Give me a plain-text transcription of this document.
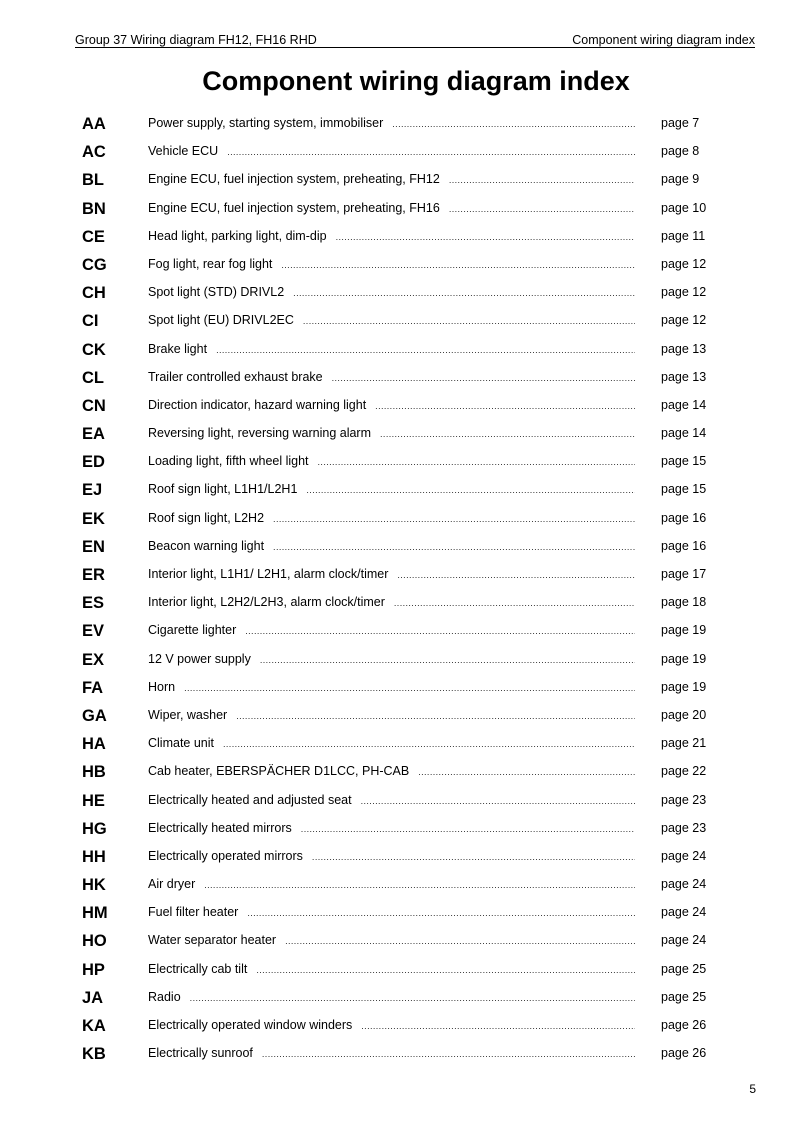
Group 37 Wiring diagram FH12, FH16 RHD	Component wiring diagram index
Component wiring diagram index
AA	Power supply, starting system, immobiliser .....	page 7
AC	Vehicle ECU .....	page 8
BL	Engine ECU, fuel injection system, preheating, FH12 .....	page 9
BN	Engine ECU, fuel injection system, preheating, FH16 .....	page 10
CE	Head light, parking light, dim-dip .....	page 11
CG	Fog light, rear fog light .....	page 12
CH	Spot light (STD) DRIVL2 .....	page 12
CI	Spot light (EU) DRIVL2EC .....	page 12
CK	Brake light .....	page 13
CL	Trailer controlled exhaust brake .....	page 13
CN	Direction indicator, hazard warning light .....	page 14
EA	Reversing light, reversing warning alarm .....	page 14
ED	Loading light, fifth wheel light .....	page 15
EJ	Roof sign light, L1H1/L2H1 .....	page 15
EK	Roof sign light, L2H2 .....	page 16
EN	Beacon warning light .....	page 16
ER	Interior light, L1H1/ L2H1, alarm clock/timer .....	page 17
ES	Interior light, L2H2/L2H3, alarm clock/timer .....	page 18
EV	Cigarette lighter .....	page 19
EX	12 V power supply .....	page 19
FA	Horn .....	page 19
GA	Wiper, washer .....	page 20
HA	Climate unit .....	page 21
HB	Cab heater, EBERSPÄCHER D1LCC, PH-CAB .....	page 22
HE	Electrically heated and adjusted seat .....	page 23
HG	Electrically heated mirrors .....	page 23
HH	Electrically operated mirrors .....	page 24
HK	Air dryer .....	page 24
HM	Fuel filter heater .....	page 24
HO	Water separator heater .....	page 24
HP	Electrically cab tilt .....	page 25
JA	Radio .....	page 25
KA	Electrically operated window winders .....	page 26
KB	Electrically sunroof .....	page 26
5
